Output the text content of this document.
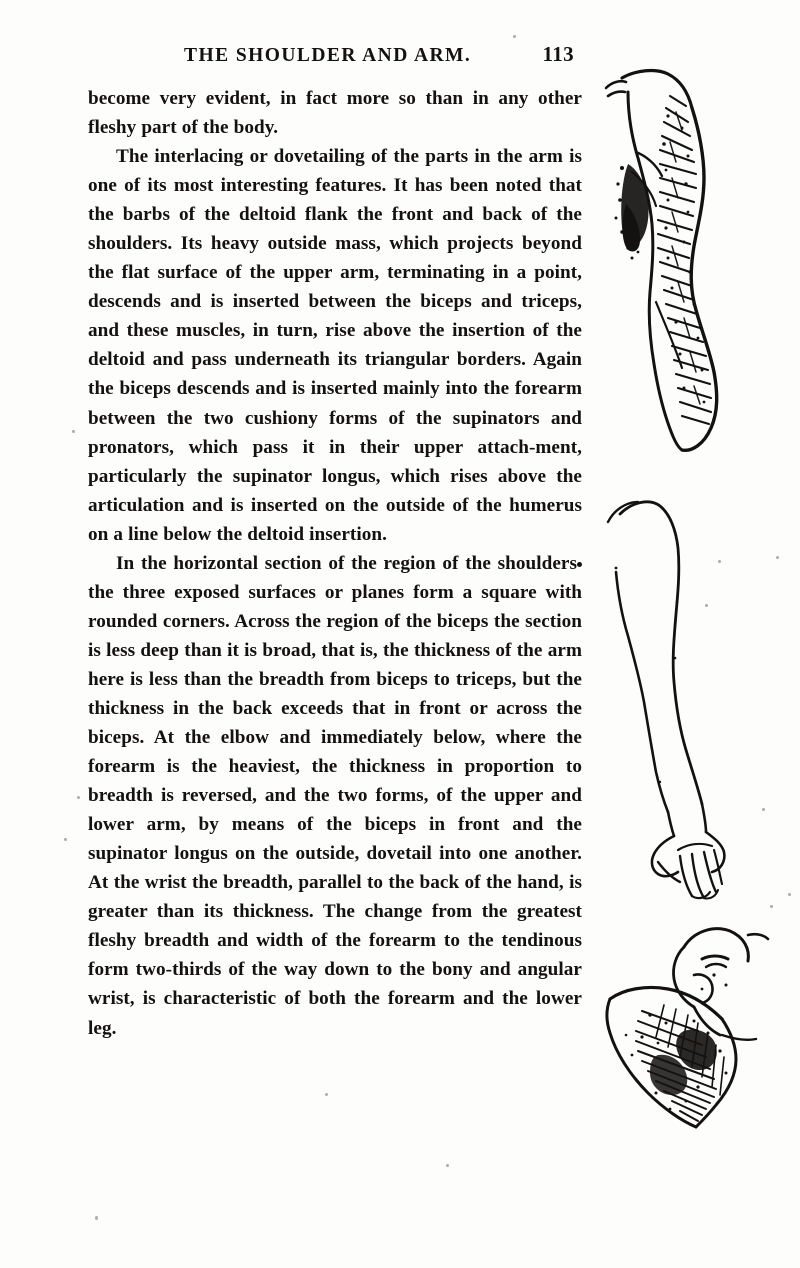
THE SHOULDER AND ARM.	113

become very evident, in fact more so than in any other fleshy part of the body.

The interlacing or dovetailing of the parts in the arm is one of its most interesting features. It has been noted that the barbs of the deltoid flank the front and back of the shoulders. Its heavy outside mass, which projects beyond the flat surface of the upper arm, terminating in a point, descends and is inserted between the biceps and triceps, and these muscles, in turn, rise above the insertion of the deltoid and pass underneath its triangular borders. Again the biceps descends and is inserted mainly into the forearm between the two cushiony forms of the supinators and pronators, which pass it in their upper attach-ment, particularly the supinator longus, which rises above the articulation and is inserted on the outside of the humerus on a line below the deltoid insertion.

In the horizontal section of the region of the shoulders the three exposed surfaces or planes form a square with rounded corners. Across the region of the biceps the section is less deep than it is broad, that is, the thickness of the arm here is less than the breadth from biceps to triceps, but the thickness in the back exceeds that in front or across the biceps. At the elbow and immediately below, where the forearm is the heaviest, the thickness in proportion to breadth is reversed, and the two forms, of the upper and lower arm, by means of the biceps in front and the supinator longus on the outside, dovetail into one another. At the wrist the breadth, parallel to the back of the hand, is greater than its thickness. The change from the greatest fleshy breadth and width of the forearm to the tendinous form two-thirds of the way down to the bony and angular wrist, is characteristic of both the forearm and the lower leg.
